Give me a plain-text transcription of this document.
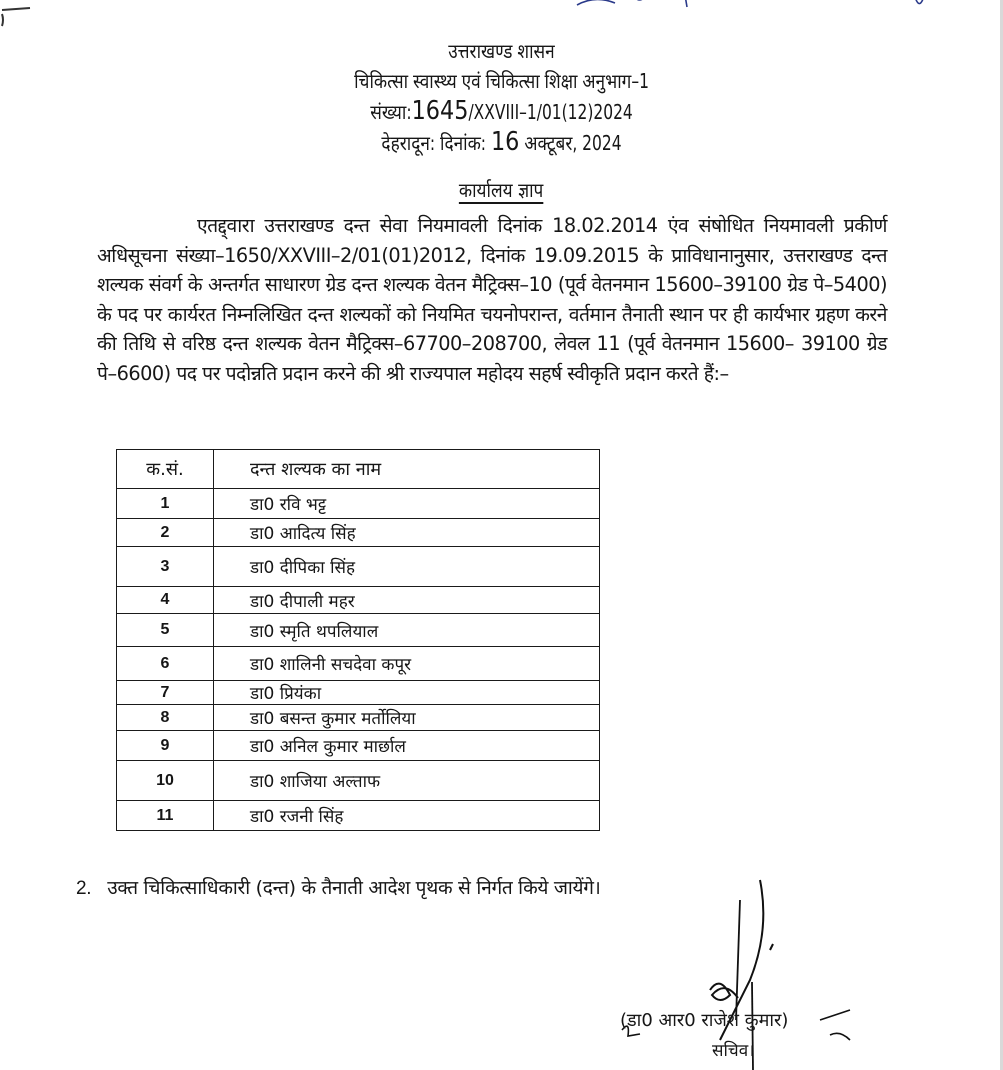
उत्तराखण्ड शासन
चिकित्सा स्वास्थ्य एवं चिकित्सा शिक्षा अनुभाग–1
संख्या:1645/XXVIII–1/01(12)2024
देहरादून: दिनांक: 16 अक्टूबर, 2024
कार्यालय ज्ञाप
एतद्द्वारा उत्तराखण्ड दन्त सेवा नियमावली दिनांक 18.02.2014 एंव संषोधित नियमावली प्रकीर्ण अधिसूचना संख्या–1650/XXVIII–2/01(01)2012, दिनांक 19.09.2015 के प्राविधानानुसार, उत्तराखण्ड दन्त शल्यक संवर्ग के अन्तर्गत साधारण ग्रेड दन्त शल्यक वेतन मैट्रिक्स–10 (पूर्व वेतनमान 15600–39100 ग्रेड पे–5400) के पद पर कार्यरत निम्नलिखित दन्त शल्यकों को नियमित चयनोपरान्त, वर्तमान तैनाती स्थान पर ही कार्यभार ग्रहण करने की तिथि से वरिष्ठ दन्त शल्यक वेतन मैट्रिक्स–67700–208700, लेवल 11 (पूर्व वेतनमान 15600– 39100 ग्रेड पे–6600) पद पर पदोन्नति प्रदान करने की श्री राज्यपाल महोदय सहर्ष स्वीकृति प्रदान करते हैं:–
क.सं.	दन्त शल्यक का नाम
1	डा0 रवि भट्ट
2	डा0 आदित्य सिंह
3	डा0 दीपिका सिंह
4	डा0 दीपाली महर
5	डा0 स्मृति थपलियाल
6	डा0 शालिनी सचदेवा कपूर
7	डा0 प्रियंका
8	डा0 बसन्त कुमार मर्तोलिया
9	डा0 अनिल कुमार मार्छाल
10	डा0 शाजिया अल्ताफ
11	डा0 रजनी सिंह
2. उक्त चिकित्साधिकारी (दन्त) के तैनाती आदेश पृथक से निर्गत किये जायेंगे।
(डा0 आर0 राजेश कुमार)
सचिव।
